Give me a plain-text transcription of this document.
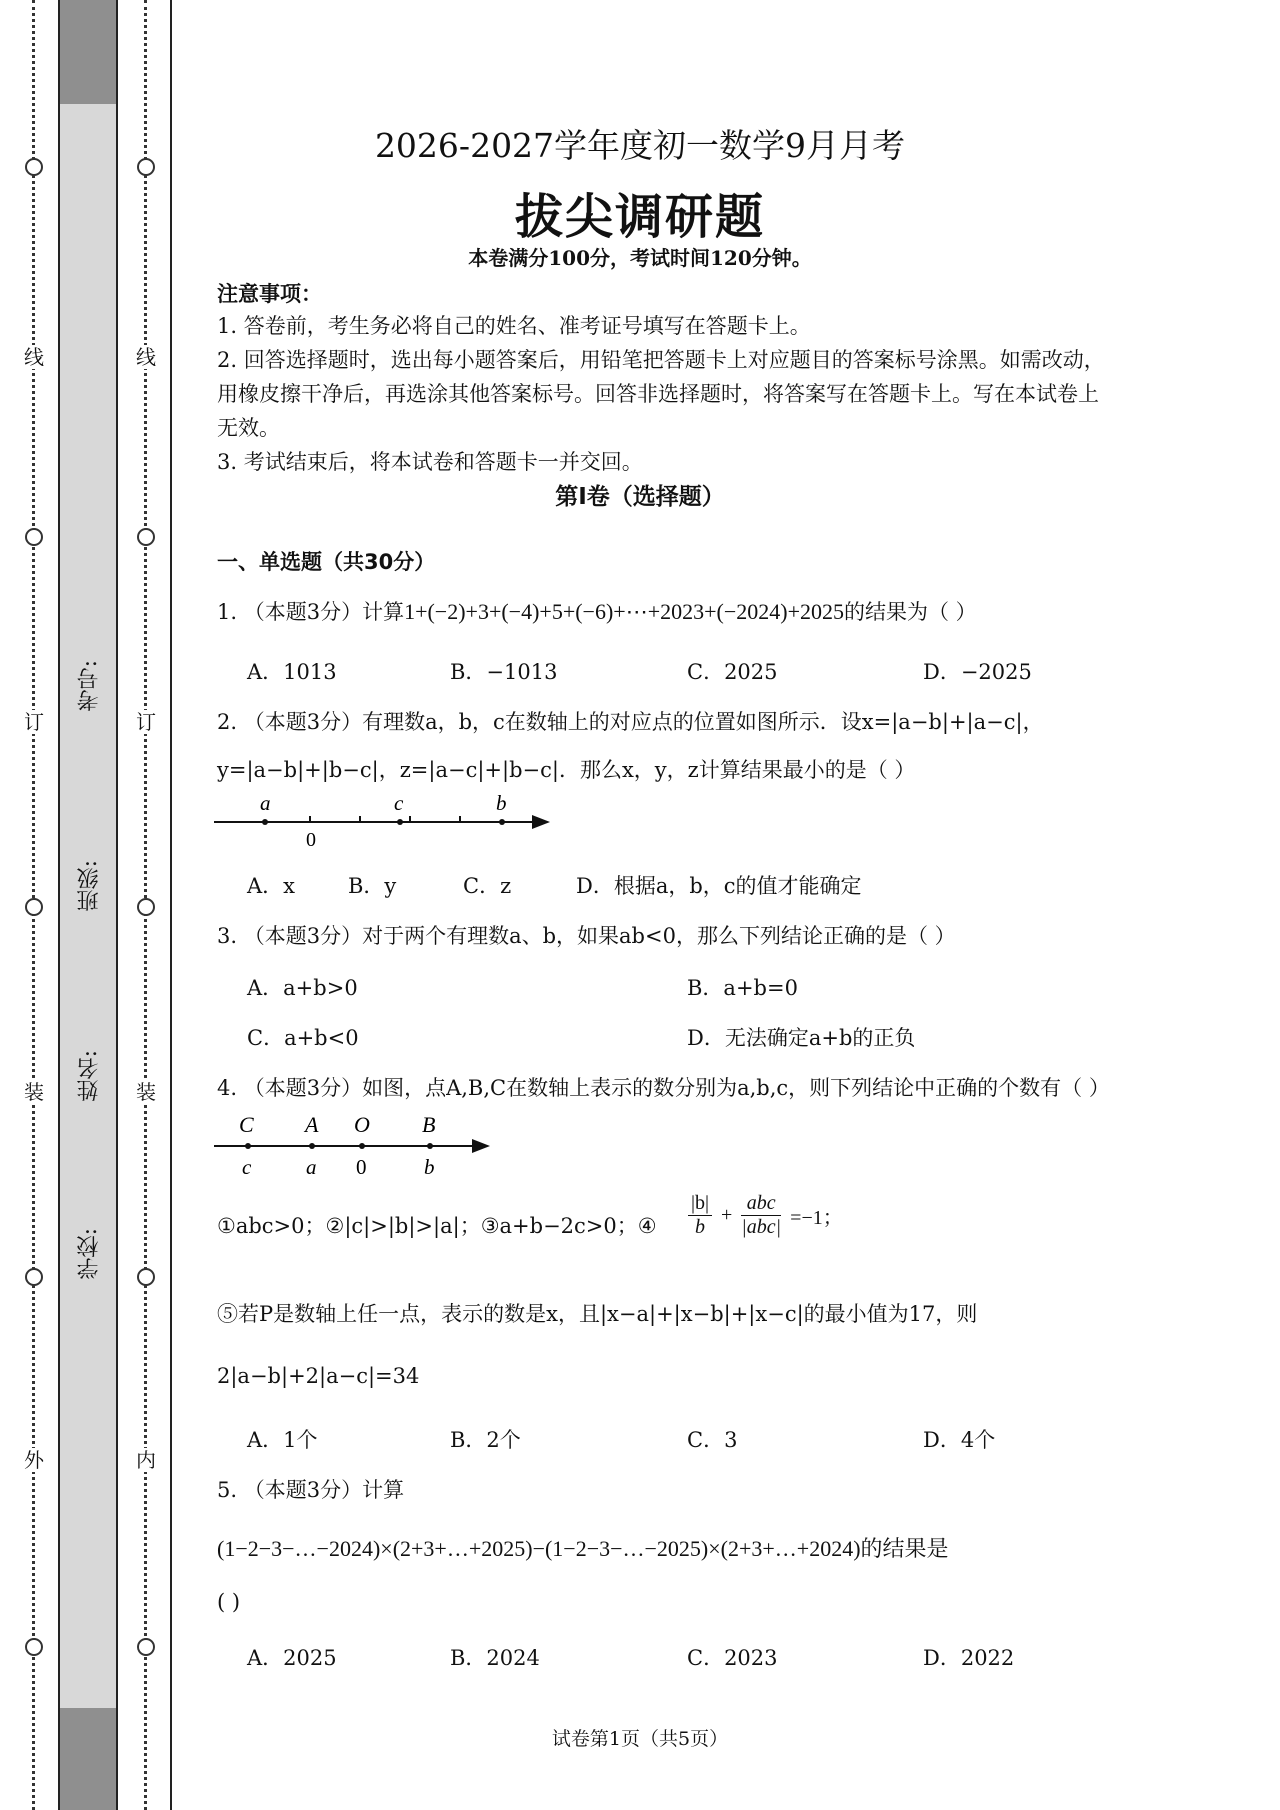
线
订
装
外
考号:
班级:
姓名:
学校:
线
订
装
内
2026-2027学年度初一数学9月月考
拔尖调研题
本卷满分100分，考试时间120分钟。
注意事项：
1. 答卷前，考生务必将自己的姓名、准考证号填写在答题卡上。
2. 回答选择题时，选出每小题答案后，用铅笔把答题卡上对应题目的答案标号涂黑。如需改动，
用橡皮擦干净后，再选涂其他答案标号。回答非选择题时，将答案写在答题卡上。写在本试卷上
无效。
3. 考试结束后，将本试卷和答题卡一并交回。
第Ⅰ卷（选择题）
一、单选题（共30分）
1. （本题3分）计算1+(−2)+3+(−4)+5+(−6)+⋯+2023+(−2024)+2025的结果为（ ）
A．1013	B．−1013	C．2025	D．−2025
2. （本题3分）有理数a，b，c在数轴上的对应点的位置如图所示．设x=|a−b|+|a−c|，
y=|a−b|+|b−c|，z=|a−c|+|b−c|．那么x，y，z计算结果最小的是（ ）
a	c	b
0
A．x	B．y	C．z	D．根据a，b，c的值才能确定
3. （本题3分）对于两个有理数a、b，如果ab<0，那么下列结论正确的是（ ）
A．a+b>0	B．a+b=0
C．a+b<0	D．无法确定a+b的正负
4. （本题3分）如图，点A,B,C在数轴上表示的数分别为a,b,c，则下列结论中正确的个数有（ ）
C A O B
c	a 0	b
①abc>0；②|c|>|b|>|a|；③a+b−2c>0；④ $\frac{|b|}{b}$ +
abc
|abc| =−1；
⑤若P是数轴上任一点，表示的数是x，且|x−a|+|x−b|+|x−c|的最小值为17，则
2|a−b|+2|a−c|=34
A．1个	B．2个	C．3	D．4个
5. （本题3分）计算
(1−2−3−…−2024)×(2+3+…+2025)−(1−2−3−…−2025)×(2+3+…+2024)的结果是
( )
A．2025	B．2024	C．2023	D．2022
试卷第1页（共5页）
